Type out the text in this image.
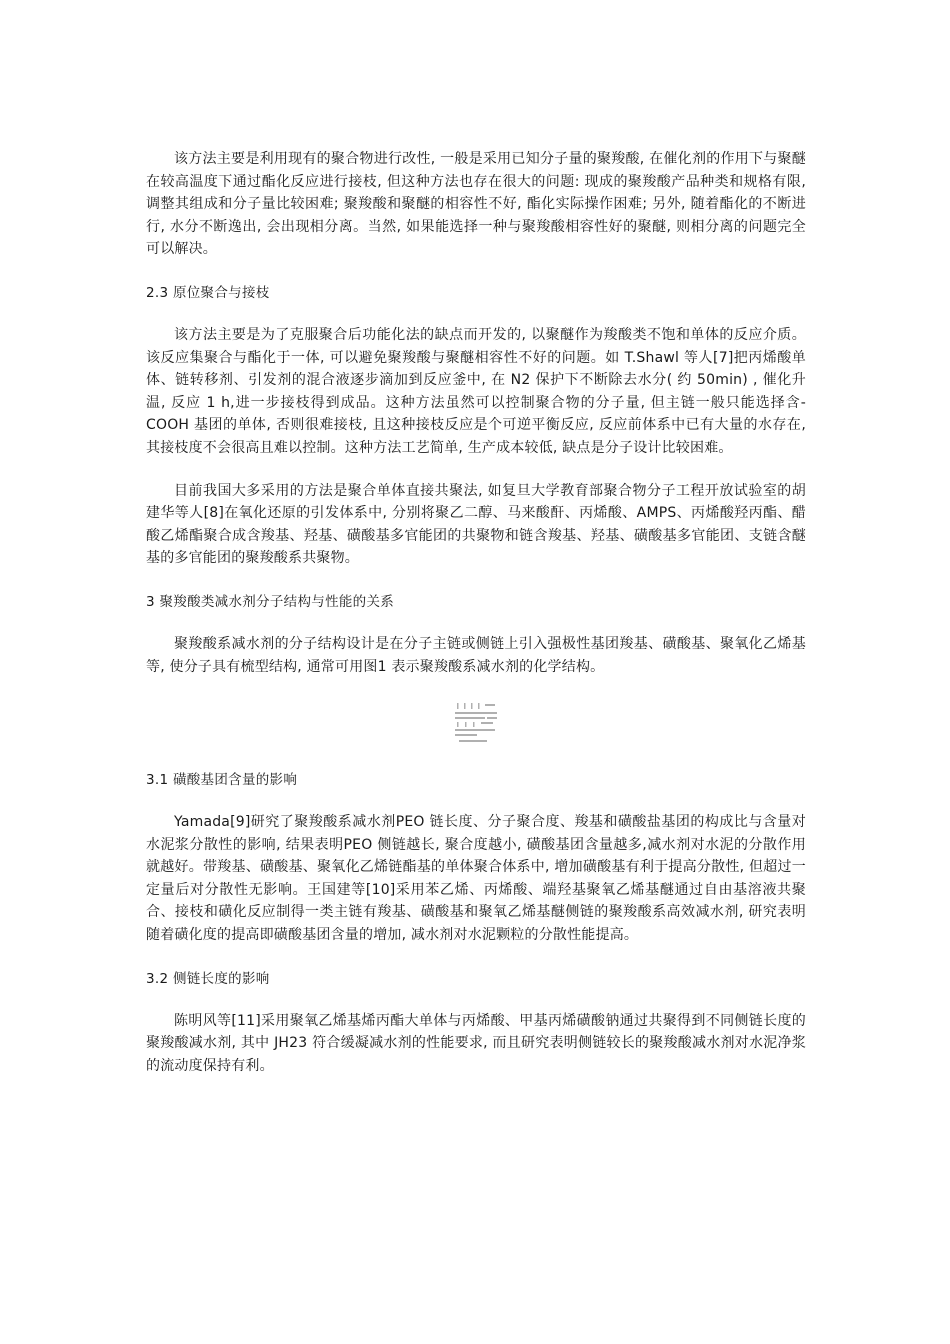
该方法主要是利用现有的聚合物进行改性, 一般是采用已知分子量的聚羧酸, 在催化剂的作用下与聚醚在较高温度下通过酯化反应进行接枝, 但这种方法也存在很大的问题: 现成的聚羧酸产品种类和规格有限, 调整其组成和分子量比较困难; 聚羧酸和聚醚的相容性不好, 酯化实际操作困难; 另外, 随着酯化的不断进行, 水分不断逸出, 会出现相分离。当然, 如果能选择一种与聚羧酸相容性好的聚醚, 则相分离的问题完全可以解决。

2.3 原位聚合与接枝

该方法主要是为了克服聚合后功能化法的缺点而开发的, 以聚醚作为羧酸类不饱和单体的反应介质。该反应集聚合与酯化于一体, 可以避免聚羧酸与聚醚相容性不好的问题。如 T.Shawl 等人[7]把丙烯酸单体、链转移剂、引发剂的混合液逐步滴加到反应釜中, 在 N2 保护下不断除去水分( 约 50min) , 催化升温, 反应 1 h,进一步接枝得到成品。这种方法虽然可以控制聚合物的分子量, 但主链一般只能选择含- COOH 基团的单体, 否则很难接枝, 且这种接枝反应是个可逆平衡反应, 反应前体系中已有大量的水存在, 其接枝度不会很高且难以控制。这种方法工艺简单, 生产成本较低, 缺点是分子设计比较困难。

目前我国大多采用的方法是聚合单体直接共聚法, 如复旦大学教育部聚合物分子工程开放试验室的胡建华等人[8]在氧化还原的引发体系中, 分别将聚乙二醇、马来酸酐、丙烯酸、AMPS、丙烯酸羟丙酯、醋酸乙烯酯聚合成含羧基、羟基、磺酸基多官能团的共聚物和链含羧基、羟基、磺酸基多官能团、支链含醚基的多官能团的聚羧酸系共聚物。

3 聚羧酸类减水剂分子结构与性能的关系

聚羧酸系减水剂的分子结构设计是在分子主链或侧链上引入强极性基团羧基、磺酸基、聚氧化乙烯基等, 使分子具有梳型结构, 通常可用图1 表示聚羧酸系减水剂的化学结构。

3.1 磺酸基团含量的影响

Yamada[9]研究了聚羧酸系减水剂PEO 链长度、分子聚合度、羧基和磺酸盐基团的构成比与含量对水泥浆分散性的影响, 结果表明PEO 侧链越长, 聚合度越小, 磺酸基团含量越多,减水剂对水泥的分散作用就越好。带羧基、磺酸基、聚氧化乙烯链酯基的单体聚合体系中, 增加磺酸基有利于提高分散性, 但超过一定量后对分散性无影响。王国建等[10]采用苯乙烯、丙烯酸、端羟基聚氧乙烯基醚通过自由基溶液共聚合、接枝和磺化反应制得一类主链有羧基、磺酸基和聚氧乙烯基醚侧链的聚羧酸系高效减水剂, 研究表明随着磺化度的提高即磺酸基团含量的增加, 减水剂对水泥颗粒的分散性能提高。

3.2 侧链长度的影响

陈明风等[11]采用聚氧乙烯基烯丙酯大单体与丙烯酸、甲基丙烯磺酸钠通过共聚得到不同侧链长度的聚羧酸减水剂, 其中 JH23 符合缓凝减水剂的性能要求, 而且研究表明侧链较长的聚羧酸减水剂对水泥净浆的流动度保持有利。
